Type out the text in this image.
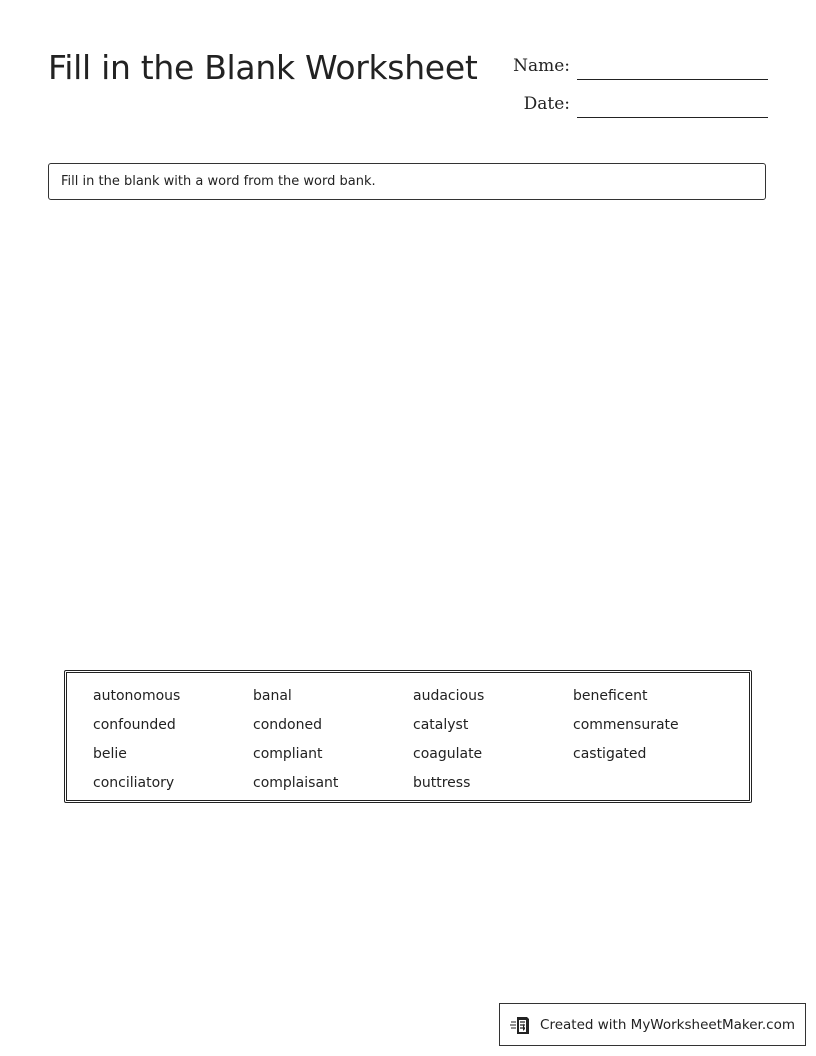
Fill in the Blank Worksheet Name:
Date:
Fill in the blank with a word from the word bank.
autonomous	banal	audacious	beneficent
confounded	condoned	catalyst	commensurate
belie	compliant	coagulate	castigated
conciliatory	complaisant	buttress
Created with MyWorksheetMaker.com
